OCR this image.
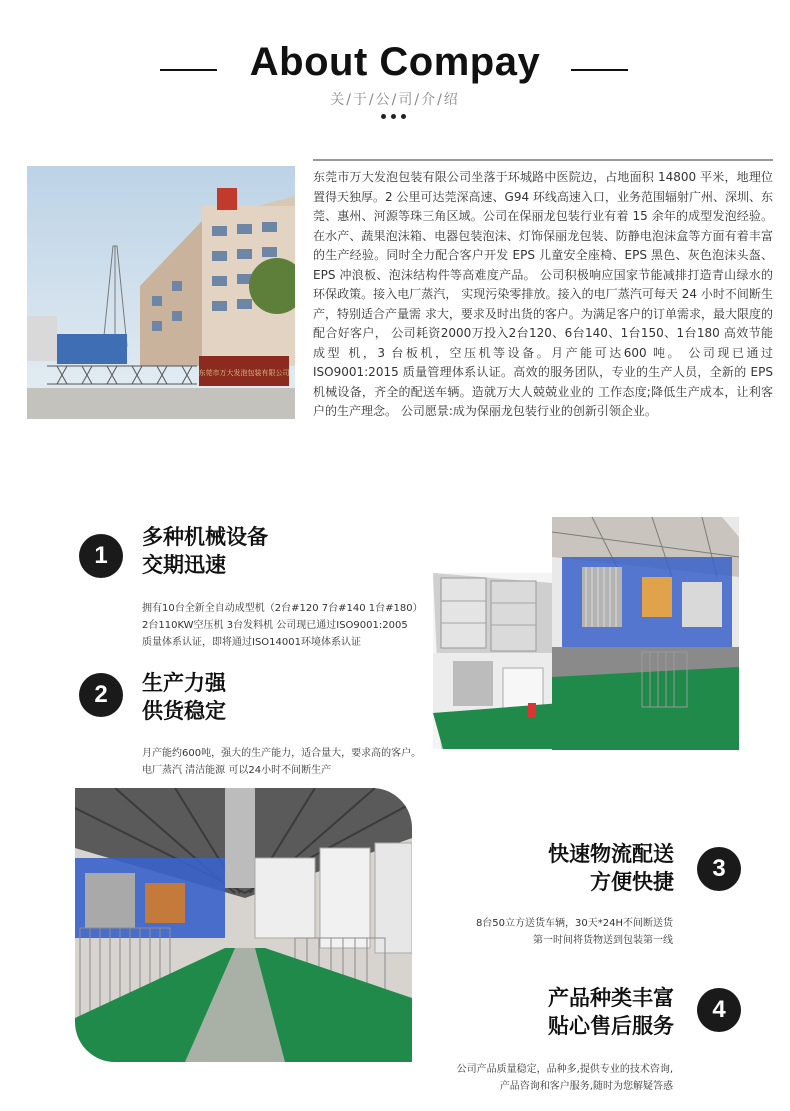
About Compay
关/于/公/司/介/绍
东莞市万大发泡包装有限公司
东莞市万大发泡包装有限公司坐落于环城路中医院边，占地面积 14800 平米，地理位置得天独厚。2 公里可达莞深高速、G94 环线高速入口，业务范围辐射广州、深圳、东莞、惠州、河源等珠三角区域。公司在保丽龙包装行业有着 15 余年的成型发泡经验。在水产、蔬果泡沫箱、电器包装泡沫、灯饰保丽龙包装、防静电泡沫盒等方面有着丰富的生产经验。同时全力配合客户开发 EPS 儿童安全座椅、EPS 黑色、灰色泡沫头盔、EPS 冲浪板、泡沫结构件等高难度产品。 公司积极响应国家节能减排打造青山绿水的环保政策。接入电厂蒸汽， 实现污染零排放。接入的电厂蒸汽可每天 24 小时不间断生产，特别适合产量需 求大，要求及时出货的客户。为满足客户的订单需求，最大限度的配合好客户， 公司耗资2000万投入2台120、6台140、1台150、1台180 高效节能成型 机，3 台板机，空压机等设备。月产能可达600 吨。 公司现已通过 ISO9001:2015 质量管理体系认证。高效的服务团队，专业的生产人员，全新的 EPS 机械设备，齐全的配送车辆。造就万大人兢兢业业的 工作态度;降低生产成本，让利客户的生产理念。 公司愿景:成为保丽龙包装行业的创新引领企业。
1
多种机械设备
交期迅速
拥有10台全新全自动成型机（2台#120 7台#140 1台#180）
2台110KW空压机 3台发料机 公司现已通过ISO9001:2005
质量体系认证，即将通过ISO14001环境体系认证
2	生产力强
供货稳定
月产能约600吨，强大的生产能力，适合量大，要求高的客户。
电厂蒸汽 清洁能源 可以24小时不间断生产
3
快速物流配送
方便快捷
8台50立方送货车辆，30天*24H不间断送货
第一时间将货物送到包装第一线
4
产品种类丰富
贴心售后服务
公司产品质量稳定，品种多,提供专业的技术咨询,
产品咨询和客户服务,随时为您解疑答惑
